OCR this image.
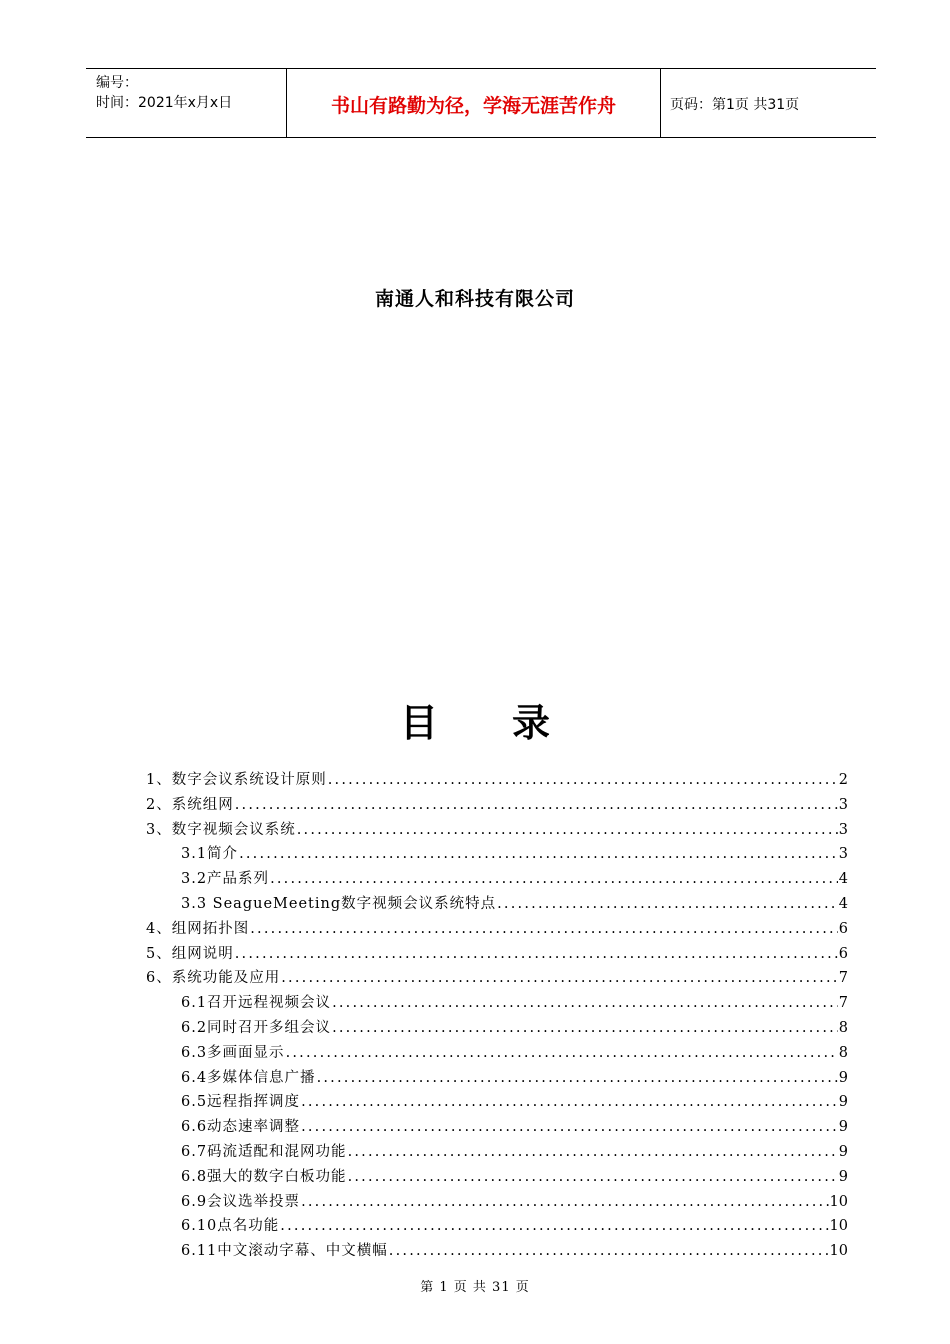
编号：
时间：2021年x月x日	书山有路勤为径，学海无涯苦作舟	页码：第1页 共31页
南通人和科技有限公司
目录
1、数字会议系统设计原则 .....	2
2、系统组网 .....	3
3、数字视频会议系统 .....	3
3.1简介 .....	3
3.2产品系列 .....	4
3.3 SeagueMeeting数字视频会议系统特点 .....	4
4、组网拓扑图 .....	6
5、组网说明 .....	6
6、系统功能及应用 .....	7
6.1召开远程视频会议 .....	7
6.2同时召开多组会议 .....	8
6.3多画面显示 .....	8
6.4多媒体信息广播 .....	9
6.5远程指挥调度 .....	9
6.6动态速率调整 .....	9
6.7码流适配和混网功能 .....	9
6.8强大的数字白板功能 .....	9
6.9会议选举投票 .....	10
6.10点名功能 .....	10
6.11中文滚动字幕、中文横幅 .....	10
第 1 页 共 31 页
